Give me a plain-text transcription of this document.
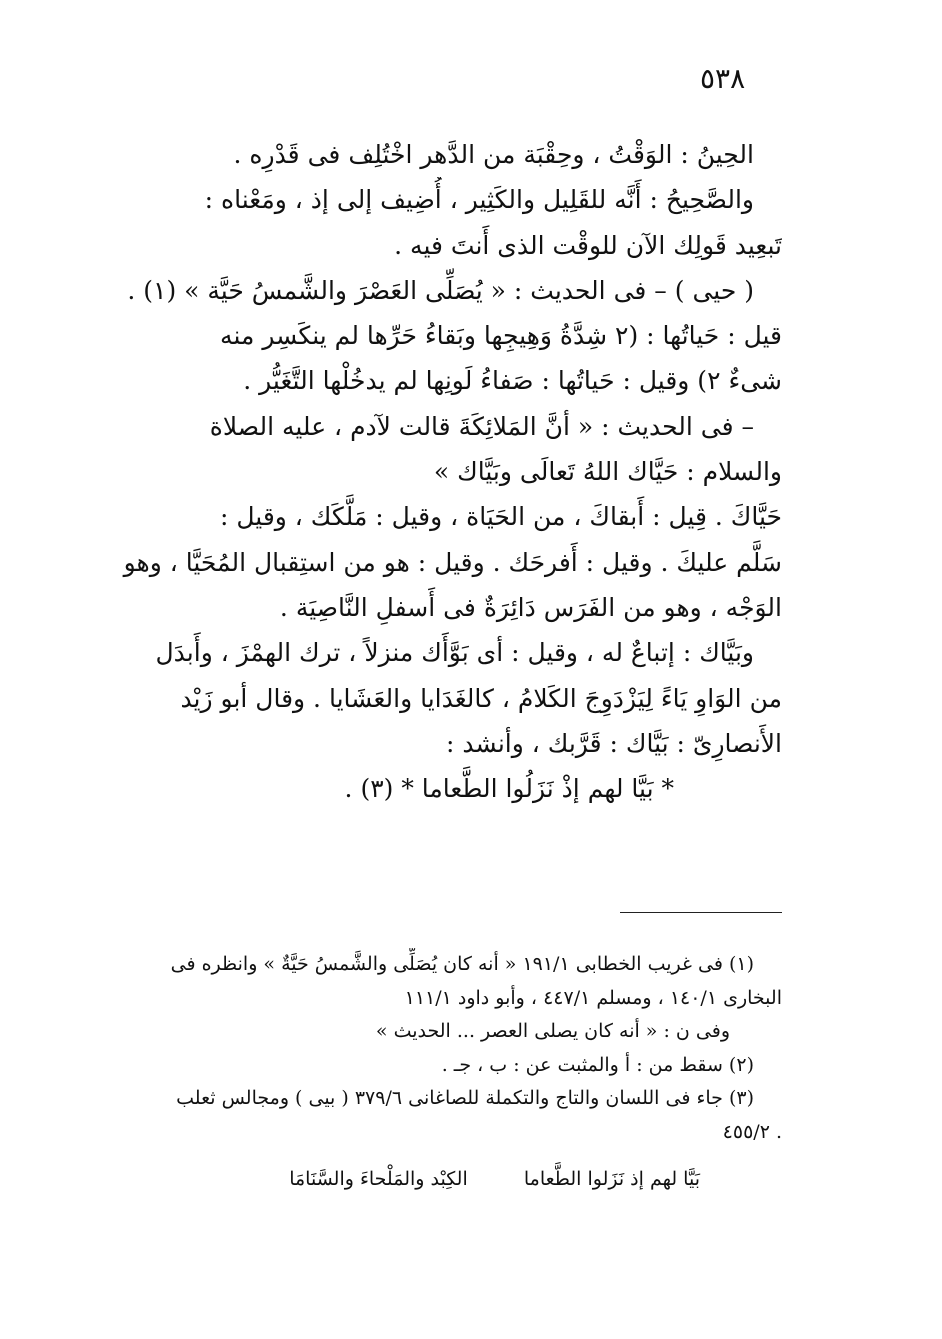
٥٣٨
الحِينُ : الوَقْتُ ، وحِقْبَة من الدَّهر اخْتُلِف فى قَدْرِه .
والصَّحِيحُ : أَنَّه للقَلِيل والكَثِير ، أُضِيف إلى إذ ، ومَعْناه :
تَبعِيد قَولِك الآن للوقْت الذى أَنتَ فيه .
( حيى ) – فى الحديث : « يُصَلِّى العَصْرَ والشَّمسُ حَيَّة » (١) .
قيل : حَياتُها : (٢ شِدَّةُ وَهِيجِها وبَقاءُ حَرِّها لم ينكَسِر منه
شىءٌ ٢) وقيل : حَياتُها : صَفاءُ لَونِها لم يدخُلْها التَّغَيُّر .
– فى الحديث : « أنَّ المَلائِكَةَ قالت لآدم ، عليه الصلاة
والسلام : حَيَّاك اللهُ تَعالَى وبَيَّاك »
حَيَّاكَ . قِيل : أَبقاكَ ، من الحَيَاة ، وقيل : مَلَّكَك ، وقيل :
سَلَّم عليكَ . وقيل : أَفرحَك . وقيل : هو من استِقبال المُحَيَّا ، وهو
الوَجْه ، وهو من الفَرَس دَائِرَةٌ فى أَسفلِ النَّاصِيَة .
وبَيَّاك : إتباعٌ له ، وقيل : أى بَوَّأَك منزلاً ، ترك الهمْزَ ، وأَبدَل
من الوَاوِ يَاءً لِيَزْدَوِجَ الكَلامُ ، كالغَدَايا والعَشَايا . وقال أبو زَيْد
الأَنصارِىّ : بَيَّاك : قَرَّبك ، وأنشد :
* بَيَّا لهم إذْ نَزَلُوا الطَّعاما * (٣) .
(١) فى غريب الخطابى ١٩١/١ « أنه كان يُصَلِّى والشَّمسُ حَيَّةٌ » وانظره فى
البخارى ١٤٠/١ ، ومسلم ٤٤٧/١ ، وأبو داود ١١١/١
وفى ن : « أنه كان يصلى العصر ... الحديث »
(٢) سقط من : أ والمثبت عن : ب ، جـ .
(٣) جاء فى اللسان والتاج والتكملة للصاغانى ٣٧٩/٦ ( بيى ) ومجالس ثعلب
. ٤٥٥/٢
بَيَّا لهم إذ نَزَلوا الطَّعاما  الكِبْد والمَلْحاءَ والسَّنَامَا
